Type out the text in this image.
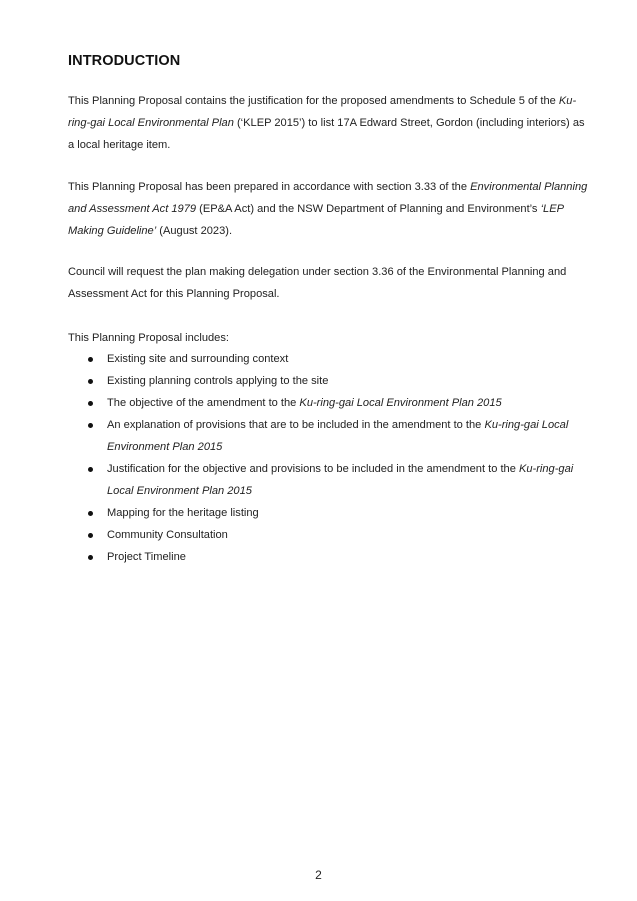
INTRODUCTION

This Planning Proposal contains the justification for the proposed amendments to Schedule 5 of the Ku-ring-gai Local Environmental Plan (‘KLEP 2015’) to list 17A Edward Street, Gordon (including interiors) as a local heritage item.

This Planning Proposal has been prepared in accordance with section 3.33 of the Environmental Planning and Assessment Act 1979 (EP&A Act) and the NSW Department of Planning and Environment’s ‘LEP Making Guideline’ (August 2023).

Council will request the plan making delegation under section 3.36 of the Environmental Planning and Assessment Act for this Planning Proposal.

This Planning Proposal includes:

Existing site and surrounding context
Existing planning controls applying to the site
The objective of the amendment to the Ku-ring-gai Local Environment Plan 2015
An explanation of provisions that are to be included in the amendment to the Ku-ring-gai Local Environment Plan 2015
Justification for the objective and provisions to be included in the amendment to the Ku-ring-gai Local Environment Plan 2015
Mapping for the heritage listing
Community Consultation
Project Timeline
2
